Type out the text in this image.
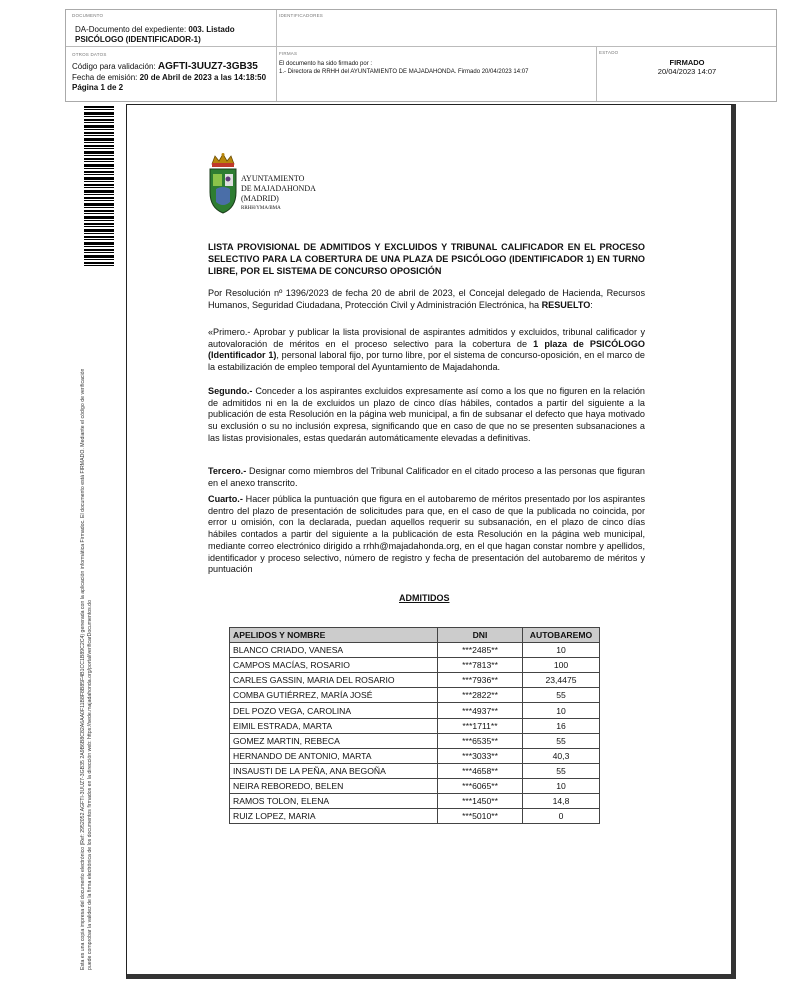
DOCUMENTO
DA-Documento del expediente: 003. Listado PSICÓLOGO (IDENTIFICADOR-1)
IDENTIFICADORES
OTROS DATOS
Código para validación: AGFTI-3UUZ7-3GB35
Fecha de emisión: 20 de Abril de 2023 a las 14:18:50
Página 1 de 2
FIRMAS
El documento ha sido firmado por :
1.- Directora de RRHH del AYUNTAMIENTO DE MAJADAHONDA. Firmado 20/04/2023 14:07
ESTADO
FIRMADO
20/04/2023 14:07
Esta es una copia impresa del documento electrónico (Ref: 2952052 AGFTI-3UUZ7-3GB35 2A9B6B8C82A6AA0F11B8F8B85F4B1CC1B89C2C4) generada con la aplicación informática Firmadoc. El documento está FIRMADO. Mediante el código de verificación puede comprobar la validez de la firma electrónica de los documentos firmados en la dirección web: https://sede.majadahonda.org/portal/verificarDocumentos.do
AYUNTAMIENTO
DE MAJADAHONDA
(MADRID)
RRHH/YMA/BMA
LISTA PROVISIONAL DE ADMITIDOS Y EXCLUIDOS Y TRIBUNAL CALIFICADOR EN EL PROCESO SELECTIVO PARA LA COBERTURA DE UNA PLAZA DE PSICÓLOGO (IDENTIFICADOR 1) EN TURNO LIBRE, POR EL SISTEMA DE CONCURSO OPOSICIÓN
Por Resolución nº 1396/2023 de fecha 20 de abril de 2023, el Concejal delegado de Hacienda, Recursos Humanos, Seguridad Ciudadana, Protección Civil y Administración Electrónica, ha RESUELTO:
«Primero.- Aprobar y publicar la lista provisional de aspirantes admitidos y excluidos, tribunal calificador y autovaloración de méritos en el proceso selectivo para la cobertura de 1 plaza de PSICÓLOGO (Identificador 1), personal laboral fijo, por turno libre, por el sistema de concurso-oposición, en el marco de la estabilización de empleo temporal del Ayuntamiento de Majadahonda.
Segundo.- Conceder a los aspirantes excluidos expresamente así como a los que no figuren en la relación de admitidos ni en la de excluidos un plazo de cinco días hábiles, contados a partir del siguiente a la publicación de esta Resolución en la página web municipal, a fin de subsanar el defecto que haya motivado su exclusión o su no inclusión expresa, significando que en caso de que no se presenten subsanaciones a las listas provisionales, estas quedarán automáticamente elevadas a definitivas.
Tercero.- Designar como miembros del Tribunal Calificador en el citado proceso a las personas que figuran en el anexo transcrito.
Cuarto.- Hacer pública la puntuación que figura en el autobaremo de méritos presentado por los aspirantes dentro del plazo de presentación de solicitudes para que, en el caso de que la publicada no coincida, por error u omisión, con la declarada, puedan aquellos requerir su subsanación, en el plazo de cinco días hábiles contados a partir del siguiente a la publicación de esta Resolución en la página web municipal, mediante correo electrónico dirigido a rrhh@majadahonda.org, en el que hagan constar nombre y apellidos, identificador y proceso selectivo, número de registro y fecha de presentación del autobaremo de méritos y puntuación
ADMITIDOS
APELIDOS Y NOMBRE	DNI	AUTOBAREMO
BLANCO CRIADO, VANESA	***2485**	10
CAMPOS MACÍAS, ROSARIO	***7813**	100
CARLES GASSIN, MARIA DEL ROSARIO	***7936**	23,4475
COMBA GUTIÉRREZ, MARÍA JOSÉ	***2822**	55
DEL POZO VEGA, CAROLINA	***4937**	10
EIMIL ESTRADA, MARTA	***1711**	16
GOMEZ MARTIN, REBECA	***6535**	55
HERNANDO DE ANTONIO, MARTA	***3033**	40,3
INSAUSTI DE LA PEÑA, ANA BEGOÑA	***4658**	55
NEIRA REBOREDO, BELEN	***6065**	10
RAMOS TOLON, ELENA	***1450**	14,8
RUIZ LOPEZ, MARIA	***5010**	0
